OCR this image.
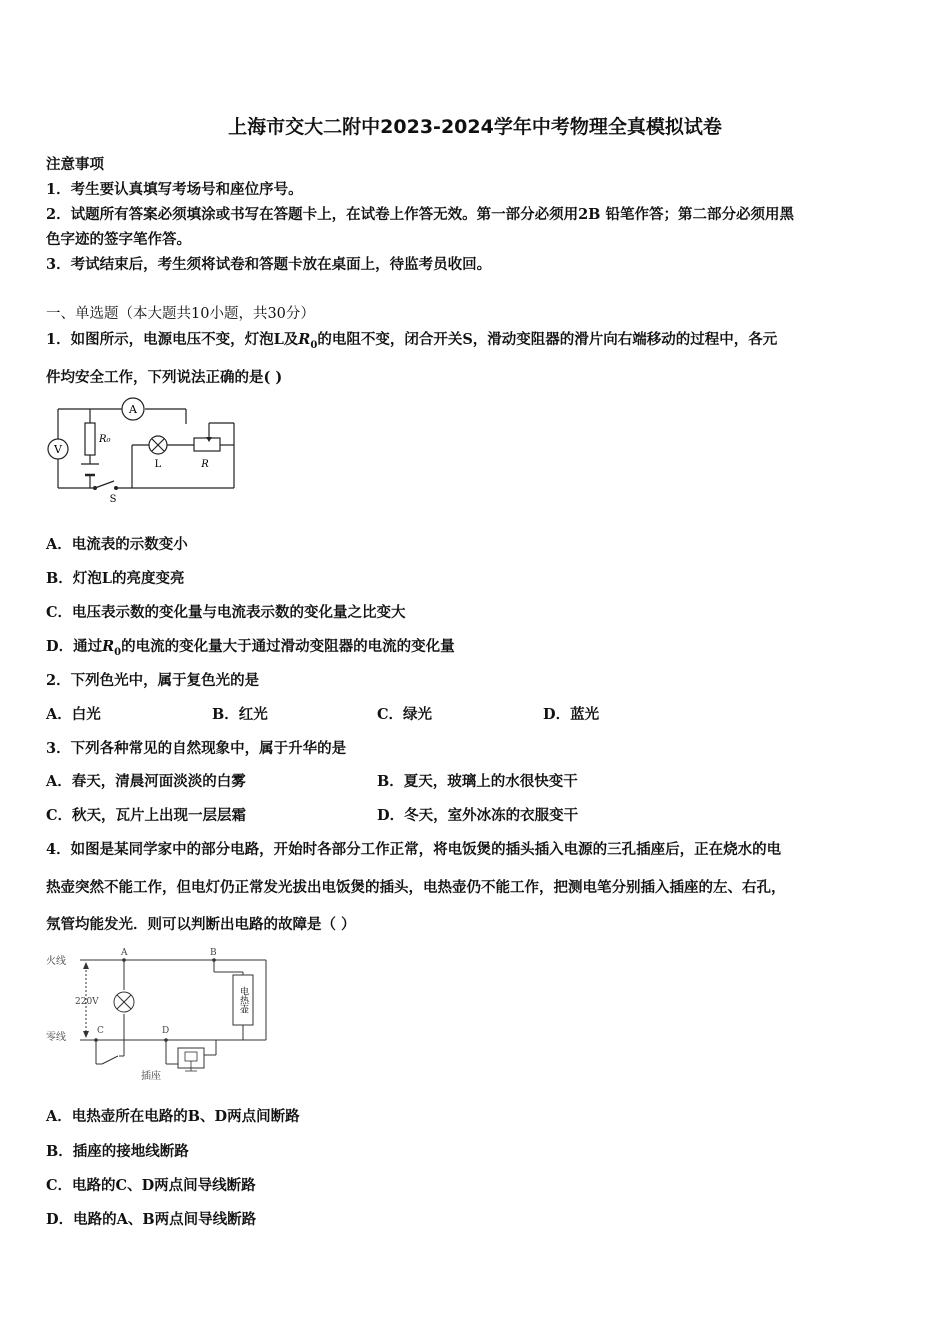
上海市交大二附中2023-2024学年中考物理全真模拟试卷
注意事项
1．考生要认真填写考场号和座位序号。
2．试题所有答案必须填涂或书写在答题卡上，在试卷上作答无效。第一部分必须用2B 铅笔作答；第二部分必须用黑
色字迹的签字笔作答。
3．考试结束后，考生须将试卷和答题卡放在桌面上，待监考员收回。
一、单选题（本大题共10小题，共30分）
1．如图所示，电源电压不变，灯泡L及$R_0$的电阻不变，闭合开关S，滑动变阻器的滑片向右端移动的过程中，各元
件均安全工作，下列说法正确的是( )
A
V
R₀
L	R
S
A．电流表的示数变小
B．灯泡L的亮度变亮
C．电压表示数的变化量与电流表示数的变化量之比变大
D．通过$R_0$的电流的变化量大于通过滑动变阻器的电流的变化量
2．下列色光中，属于复色光的是
A．白光	B．红光	C．绿光	D．蓝光
3．下列各种常见的自然现象中，属于升华的是
A．春天，清晨河面淡淡的白雾	B．夏天，玻璃上的水很快变干
C．秋天，瓦片上出现一层层霜	D．冬天，室外冰冻的衣服变干
4．如图是某同学家中的部分电路，开始时各部分工作正常，将电饭煲的插头插入电源的三孔插座后，正在烧水的电
热壶突然不能工作，但电灯仍正常发光拔出电饭煲的插头，电热壶仍不能工作，把测电笔分别插入插座的左、右孔，
氖管均能发光．则可以判断出电路的故障是（ ）
电热壶
火线
零线
220V
A	B
C	D
插座
A．电热壶所在电路的B、D两点间断路
B．插座的接地线断路
C．电路的C、D两点间导线断路
D．电路的A、B两点间导线断路
